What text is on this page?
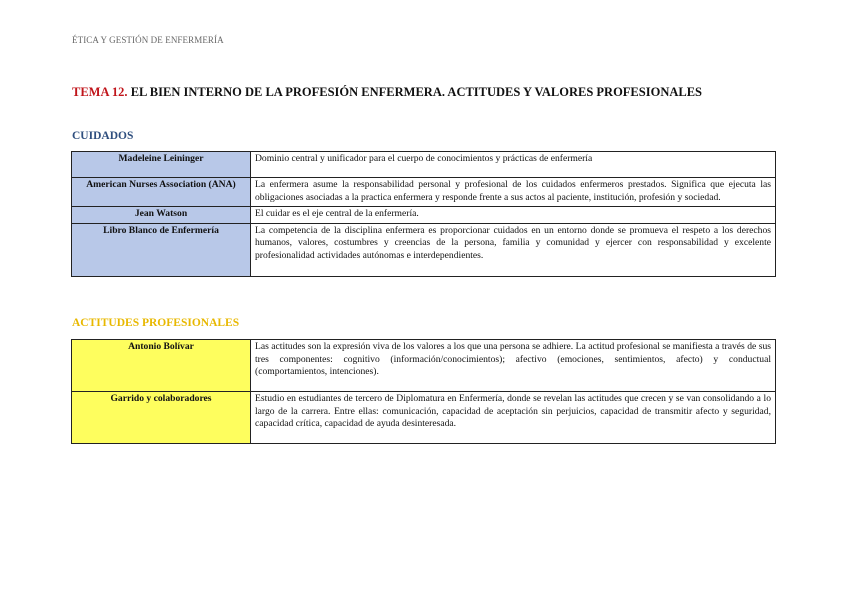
ÉTICA Y GESTIÓN DE ENFERMERÍA
TEMA 12. EL BIEN INTERNO DE LA PROFESIÓN ENFERMERA. ACTITUDES Y VALORES PROFESIONALES
CUIDADOS
Madeleine Leininger	Dominio central y unificador para el cuerpo de conocimientos y prácticas de enfermería
American Nurses Association (ANA)	La enfermera asume la responsabilidad personal y profesional de los cuidados enfermeros prestados. Significa que ejecuta las obligaciones asociadas a la practica enfermera y responde frente a sus actos al paciente, institución, profesión y sociedad.
Jean Watson	El cuidar es el eje central de la enfermería.
Libro Blanco de Enfermería	La competencia de la disciplina enfermera es proporcionar cuidados en un entorno donde se promueva el respeto a los derechos humanos, valores, costumbres y creencias de la persona, familia y comunidad y ejercer con responsabilidad y excelente profesionalidad actividades autónomas e interdependientes.
ACTITUDES PROFESIONALES
Antonio Bolívar	Las actitudes son la expresión viva de los valores a los que una persona se adhiere. La actitud profesional se manifiesta a través de sus tres componentes: cognitivo (información/conocimientos); afectivo (emociones, sentimientos, afecto) y conductual (comportamientos, intenciones).
Garrido y colaboradores	Estudio en estudiantes de tercero de Diplomatura en Enfermería, donde se revelan las actitudes que crecen y se van consolidando a lo largo de la carrera. Entre ellas: comunicación, capacidad de aceptación sin perjuicios, capacidad de transmitir afecto y seguridad, capacidad crítica, capacidad de ayuda desinteresada.
